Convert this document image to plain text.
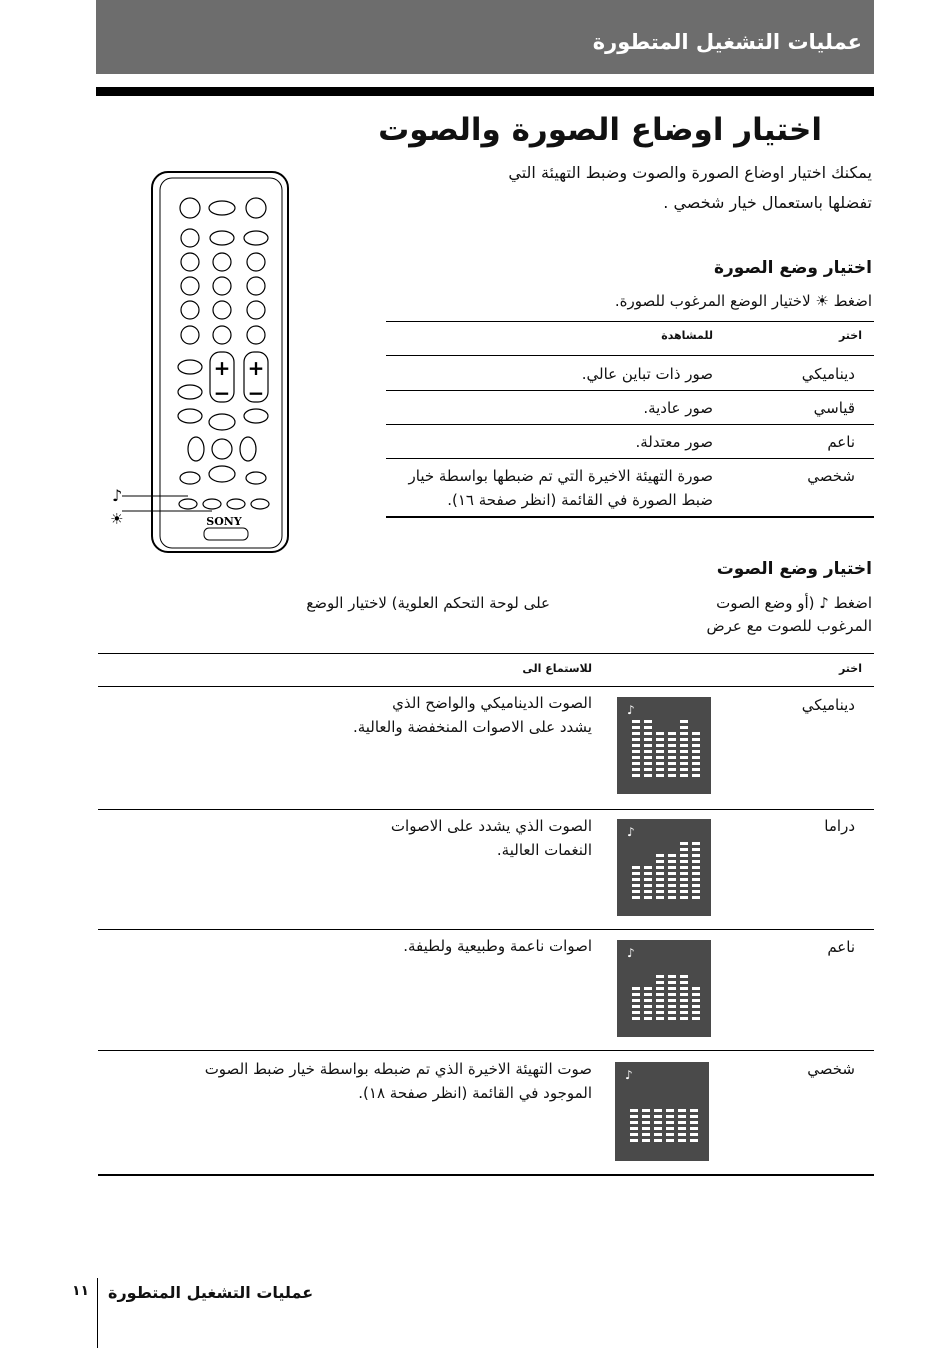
عمليات التشغيل المتطورة
اختيار اوضاع الصورة والصوت
يمكنك اختيار اوضاع الصورة والصوت وضبط التهيئة التي
تفضلها باستعمال خيار شخصي .
+ +
− −
♪
☀	SONY
اختيار وضع الصورة
اضغط ☀ لاختيار الوضع المرغوب للصورة.
اختر
للمشاهدة
ديناميكي
صور ذات تباين عالي.
قياسي
صور عادية.
ناعم
صور معتدلة.
شخصي
صورة التهيئة الاخيرة التي تم ضبطها بواسطة خيار
ضبط الصورة في القائمة (انظر صفحة ١٦).
اختيار وضع الصوت
اضغط ♪ (أو وضع الصوت
على لوحة التحكم العلوية) لاختيار الوضع
المرغوب للصوت مع عرض
اختر
للاستماع الى
ديناميكي
♪
الصوت الديناميكي والواضح الذي
يشدد على الاصوات المنخفضة والعالية.
دراما
♪
الصوت الذي يشدد على الاصوات
النغمات العالية.
ناعم
♪
اصوات ناعمة وطبيعية ولطيفة.
شخصي
♪
صوت التهيئة الاخيرة الذي تم ضبطه بواسطة خيار ضبط الصوت
الموجود في القائمة (انظر صفحة ١٨).
١١ عمليات التشغيل المتطورة
